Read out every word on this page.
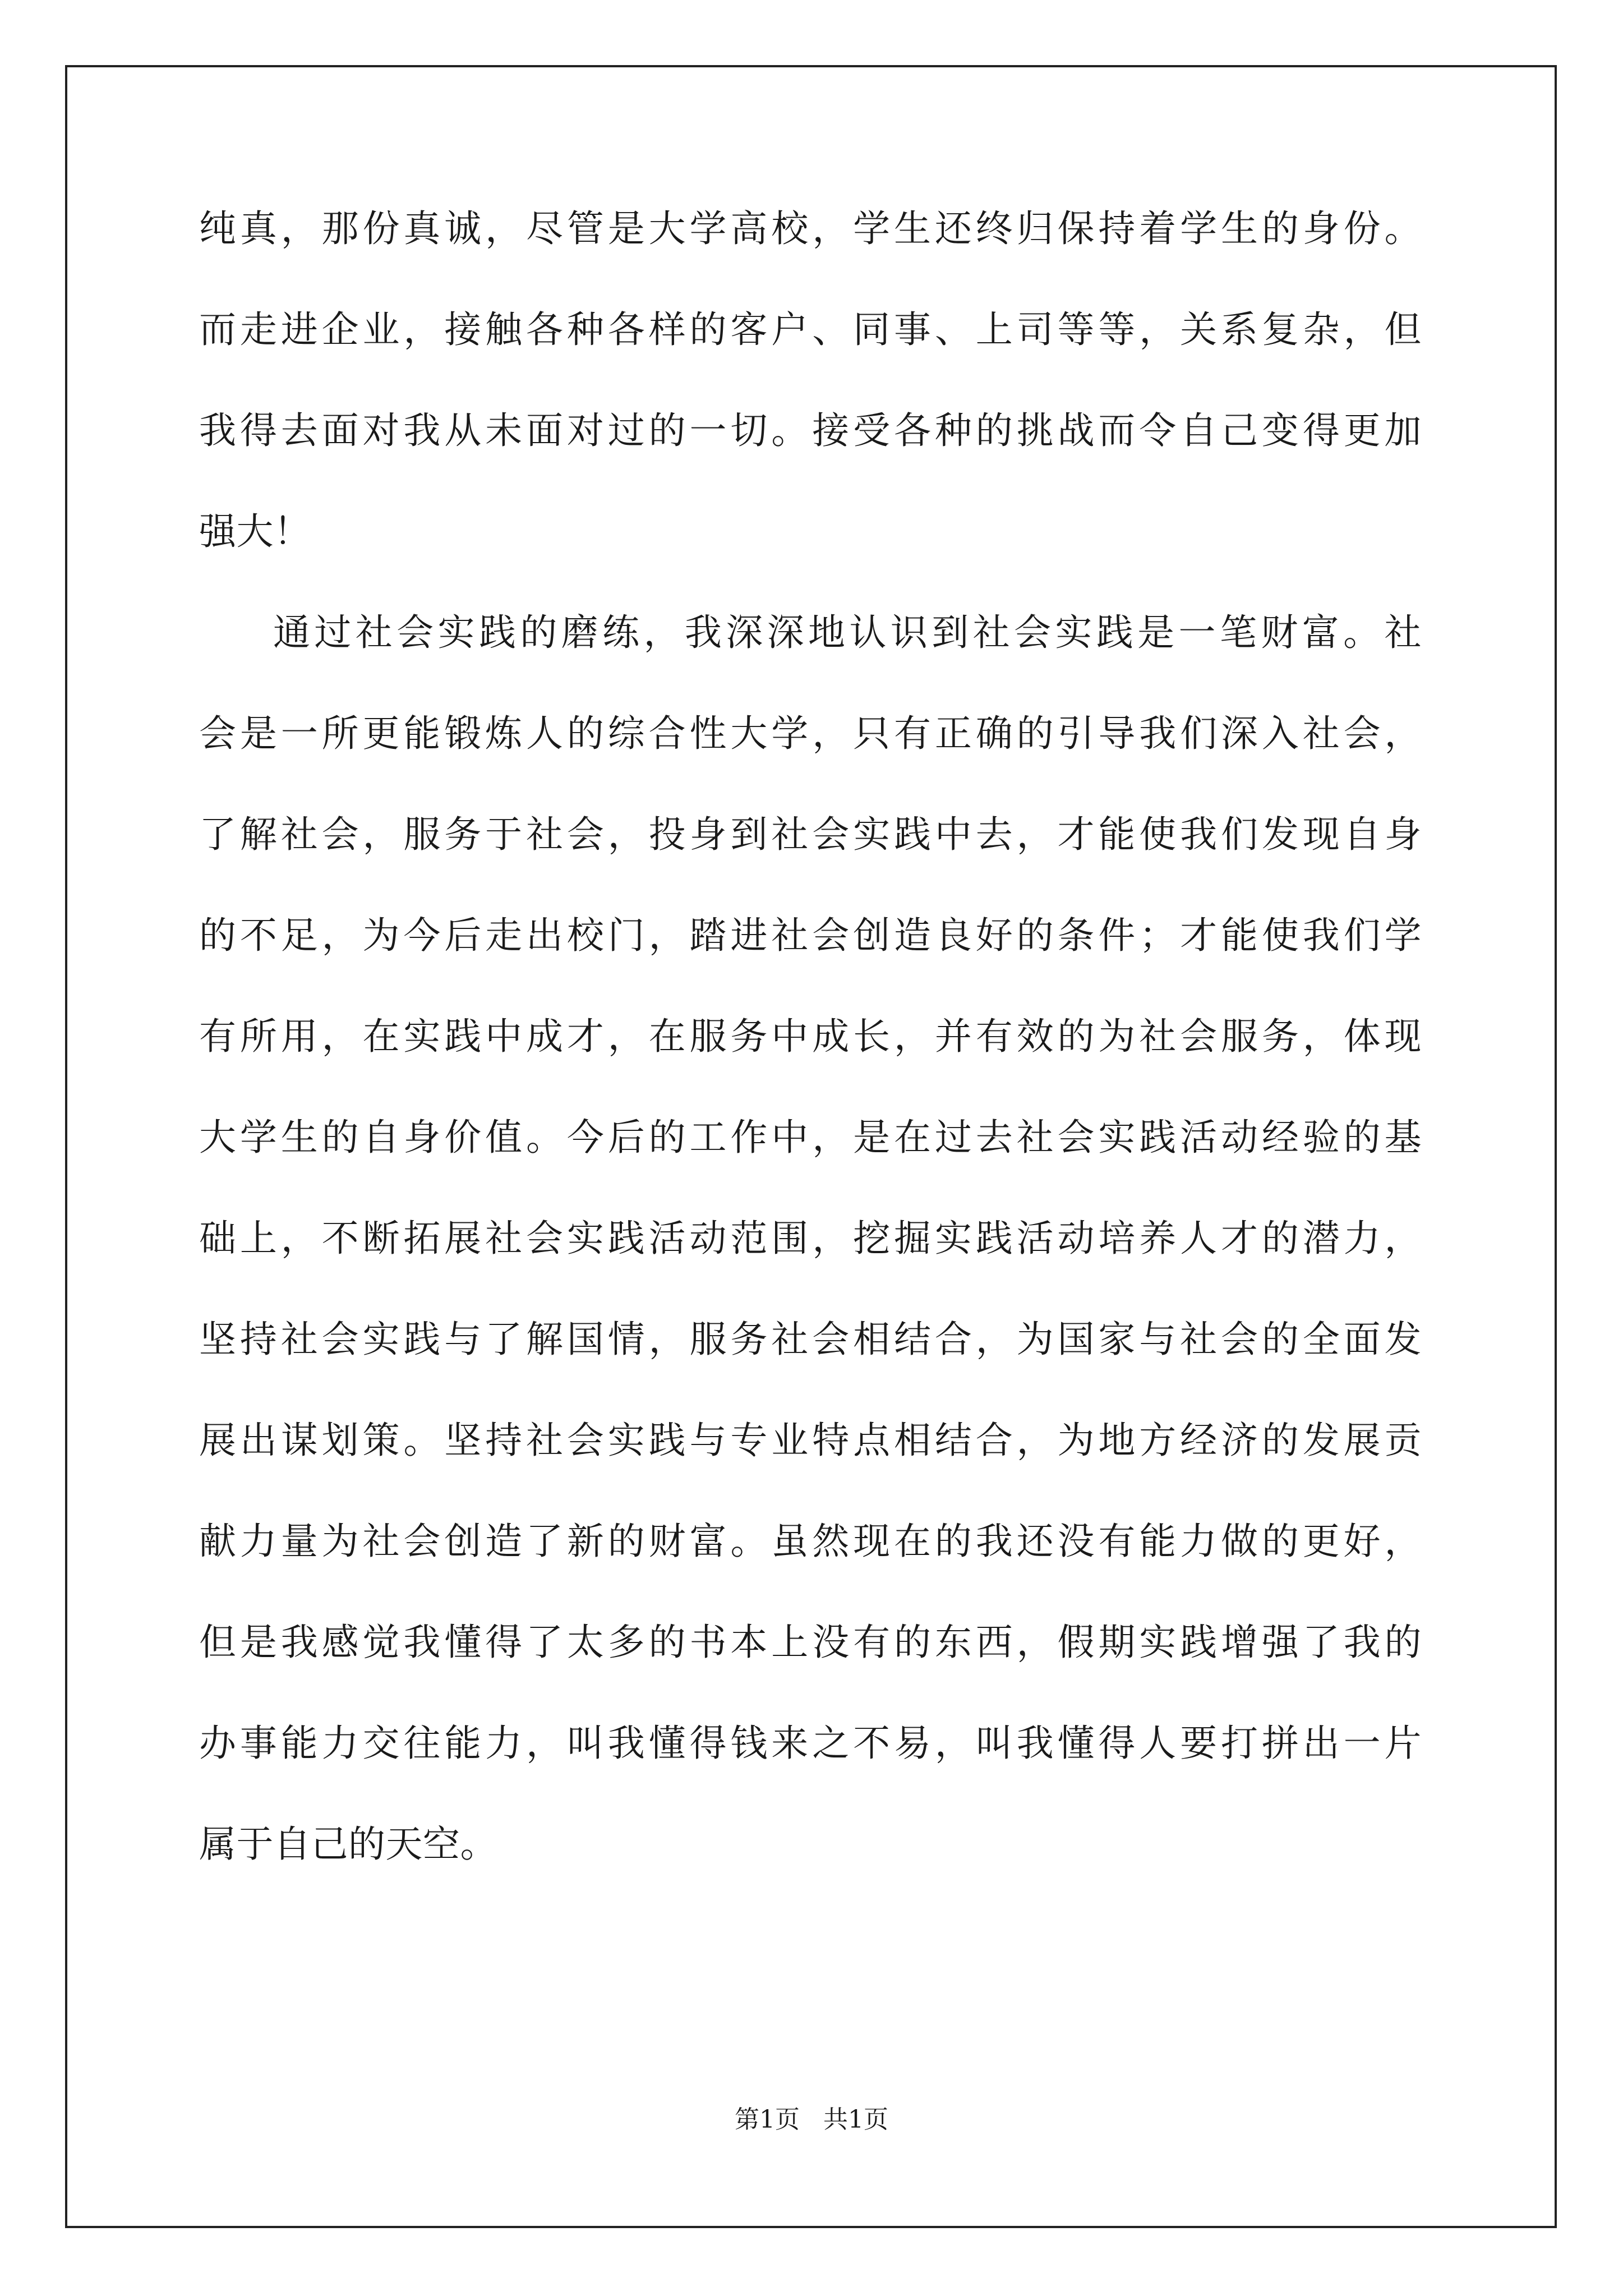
纯真，那份真诚，尽管是大学高校，学生还终归保持着学生的身份。
而走进企业，接触各种各样的客户、同事、上司等等，关系复杂，但
我得去面对我从未面对过的一切。接受各种的挑战而令自己变得更加
强大！
通过社会实践的磨练，我深深地认识到社会实践是一笔财富。社
会是一所更能锻炼人的综合性大学，只有正确的引导我们深入社会，
了解社会，服务于社会，投身到社会实践中去，才能使我们发现自身
的不足，为今后走出校门，踏进社会创造良好的条件；才能使我们学
有所用，在实践中成才，在服务中成长，并有效的为社会服务，体现
大学生的自身价值。今后的工作中，是在过去社会实践活动经验的基
础上，不断拓展社会实践活动范围，挖掘实践活动培养人才的潜力，
坚持社会实践与了解国情，服务社会相结合，为国家与社会的全面发
展出谋划策。坚持社会实践与专业特点相结合，为地方经济的发展贡
献力量为社会创造了新的财富。虽然现在的我还没有能力做的更好，
但是我感觉我懂得了太多的书本上没有的东西，假期实践增强了我的
办事能力交往能力，叫我懂得钱来之不易，叫我懂得人要打拼出一片
属于自己的天空。
第1页   共1页
